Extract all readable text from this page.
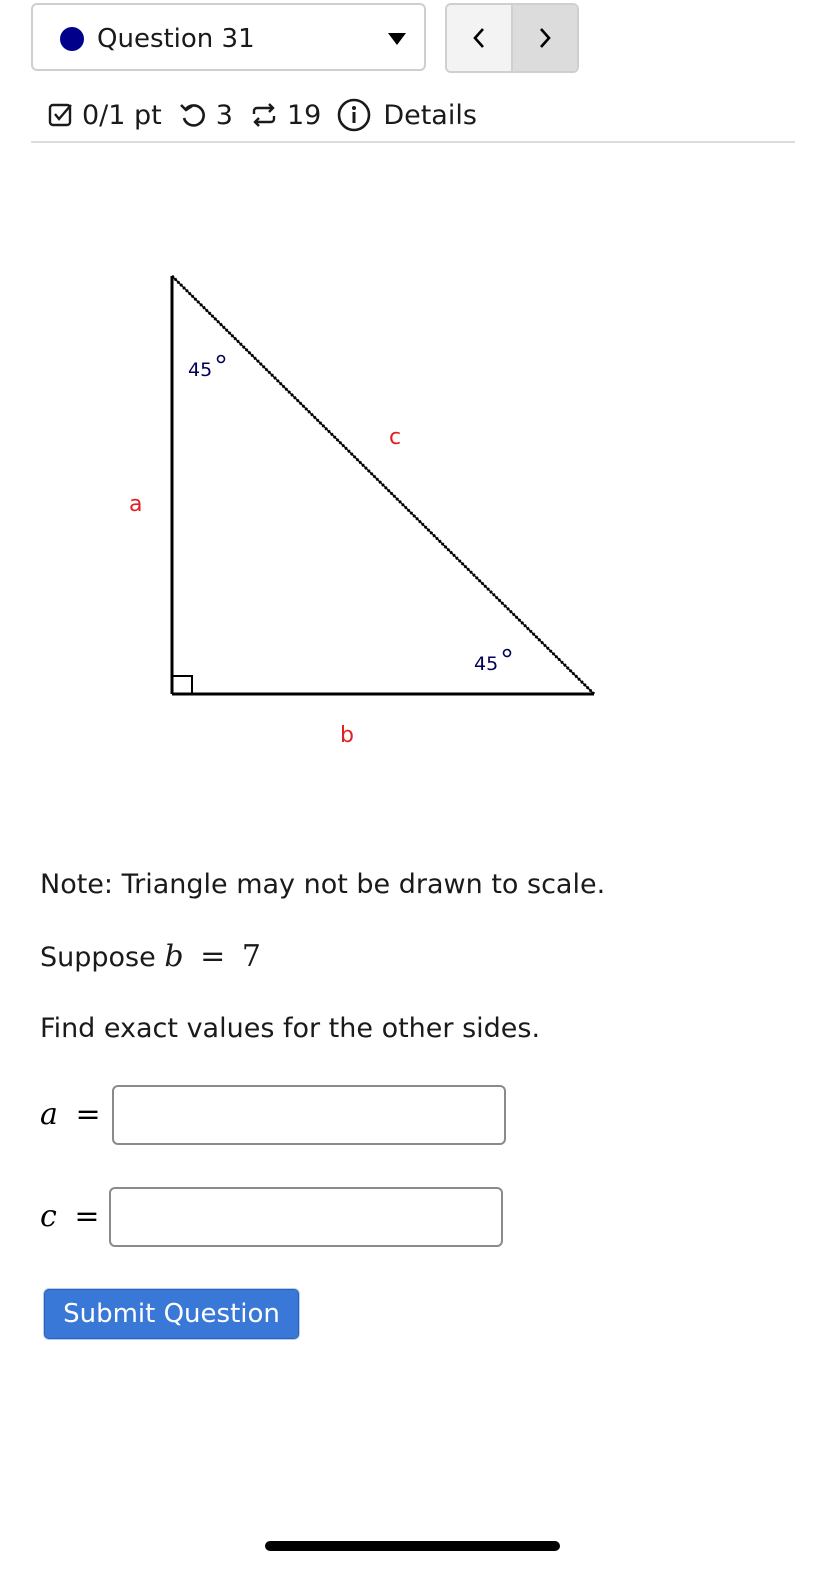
Question 31
0/1 pt 3 19 Details
45
45
a
b
c
Note: Triangle may not be drawn to scale.
Suppose b = 7
Find exact values for the other sides.
a =
c =
Submit Question
